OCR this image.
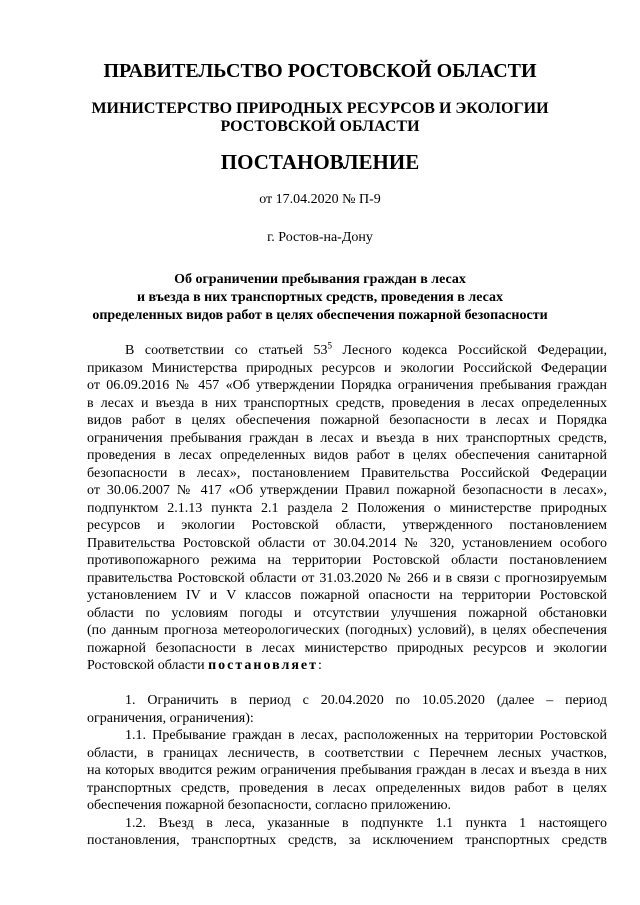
ПРАВИТЕЛЬСТВО РОСТОВСКОЙ ОБЛАСТИ
МИНИСТЕРСТВО ПРИРОДНЫХ РЕСУРСОВ И ЭКОЛОГИИ
РОСТОВСКОЙ ОБЛАСТИ
ПОСТАНОВЛЕНИЕ
от 17.04.2020 № П-9
г. Ростов-на-Дону
Об ограничении пребывания граждан в лесах
и въезда в них транспортных средств, проведения в лесах
определенных видов работ в целях обеспечения пожарной безопасности
В соответствии со статьей $53^5$ Лесного кодекса Российской Федерации,
приказом Министерства природных ресурсов и экологии Российской Федерации
от 06.09.2016 № 457 «Об утверждении Порядка ограничения пребывания граждан
в лесах и въезда в них транспортных средств, проведения в лесах определенных
видов работ в целях обеспечения пожарной безопасности в лесах и Порядка
ограничения пребывания граждан в лесах и въезда в них транспортных средств,
проведения в лесах определенных видов работ в целях обеспечения санитарной
безопасности в лесах», постановлением Правительства Российской Федерации
от 30.06.2007 № 417 «Об утверждении Правил пожарной безопасности в лесах»,
подпунктом 2.1.13 пункта 2.1 раздела 2 Положения о министерстве природных
ресурсов и экологии Ростовской области, утвержденного постановлением
Правительства Ростовской области от 30.04.2014 № 320, установлением особого
противопожарного режима на территории Ростовской области постановлением
правительства Ростовской области от 31.03.2020 № 266 и в связи с прогнозируемым
установлением IV и V классов пожарной опасности на территории Ростовской
области по условиям погоды и отсутствии улучшения пожарной обстановки
(по данным прогноза метеорологических (погодных) условий), в целях обеспечения
пожарной безопасности в лесах министерство природных ресурсов и экологии
Ростовской области постановляет:
1. Ограничить в период с 20.04.2020 по 10.05.2020 (далее – период
ограничения, ограничения):
1.1. Пребывание граждан в лесах, расположенных на территории Ростовской
области, в границах лесничеств, в соответствии с Перечнем лесных участков,
на которых вводится режим ограничения пребывания граждан в лесах и въезда в них
транспортных средств, проведения в лесах определенных видов работ в целях
обеспечения пожарной безопасности, согласно приложению.
1.2. Въезд в леса, указанные в подпункте 1.1 пункта 1 настоящего
постановления, транспортных средств, за исключением транспортных средств
